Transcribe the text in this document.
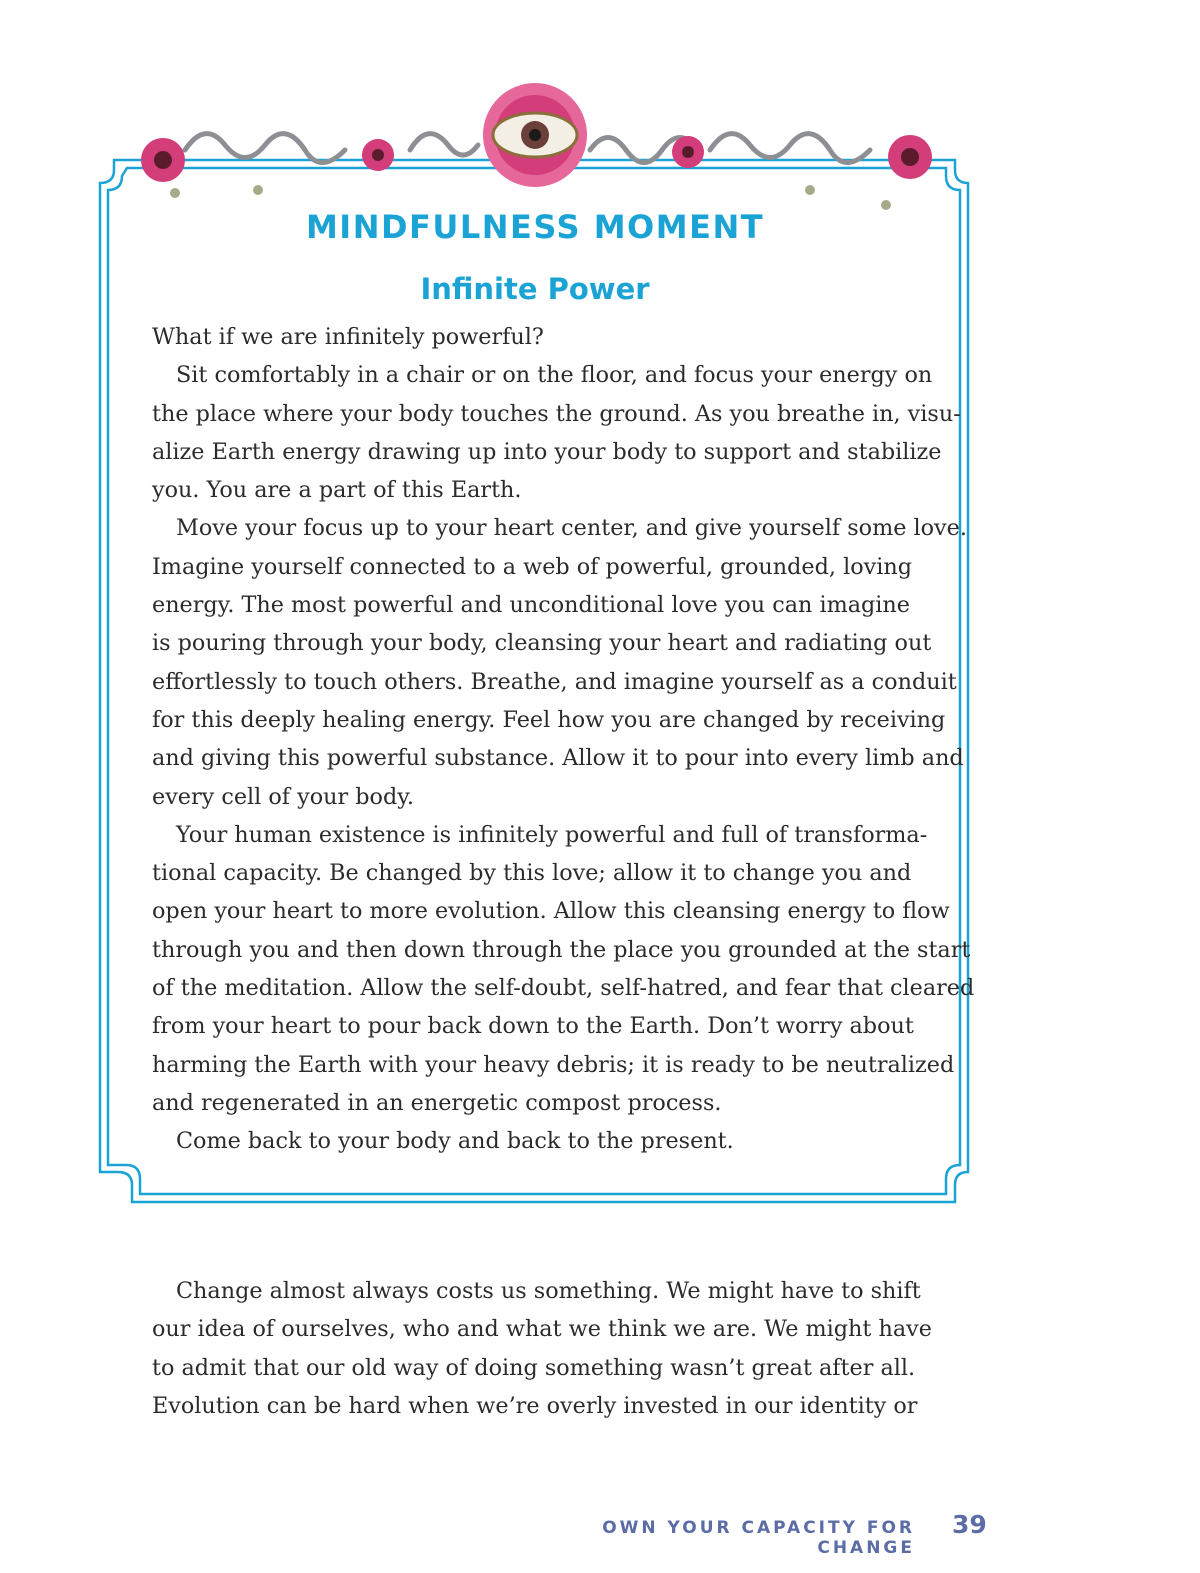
MINDFULNESS MOMENT
Infinite Power
What if we are infinitely powerful?
Sit comfortably in a chair or on the floor, and focus your energy on
the place where your body touches the ground. As you breathe in, visu-
alize Earth energy drawing up into your body to support and stabilize
you. You are a part of this Earth.
Move your focus up to your heart center, and give yourself some love.
Imagine yourself connected to a web of powerful, grounded, loving
energy. The most powerful and unconditional love you can imagine
is pouring through your body, cleansing your heart and radiating out
effortlessly to touch others. Breathe, and imagine yourself as a conduit
for this deeply healing energy. Feel how you are changed by receiving
and giving this powerful substance. Allow it to pour into every limb and
every cell of your body.
Your human existence is infinitely powerful and full of transforma-
tional capacity. Be changed by this love; allow it to change you and
open your heart to more evolution. Allow this cleansing energy to flow
through you and then down through the place you grounded at the start
of the meditation. Allow the self-doubt, self-hatred, and fear that cleared
from your heart to pour back down to the Earth. Don’t worry about
harming the Earth with your heavy debris; it is ready to be neutralized
and regenerated in an energetic compost process.
Come back to your body and back to the present.
Change almost always costs us something. We might have to shift
our idea of ourselves, who and what we think we are. We might have
to admit that our old way of doing something wasn’t great after all.
Evolution can be hard when we’re overly invested in our identity or
OWN YOUR CAPACITY FOR CHANGE
39
